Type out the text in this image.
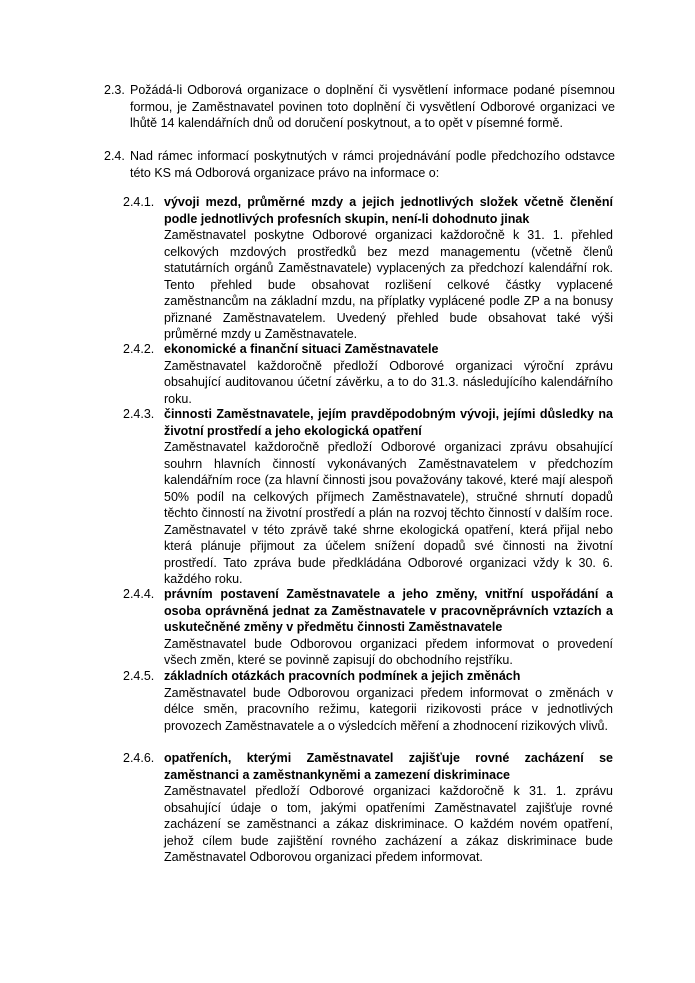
2.3. Požádá-li Odborová organizace o doplnění či vysvětlení informace podané písemnou formou, je Zaměstnavatel povinen toto doplnění či vysvětlení Odborové organizaci ve lhůtě 14 kalendářních dnů od doručení poskytnout, a to opět v písemné formě.
2.4. Nad rámec informací poskytnutých v rámci projednávání podle předchozího odstavce této KS má Odborová organizace právo na informace o:
2.4.1. vývoji mezd, průměrné mzdy a jejich jednotlivých složek včetně členění podle jednotlivých profesních skupin, není-li dohodnuto jinak
Zaměstnavatel poskytne Odborové organizaci každoročně k 31. 1. přehled celkových mzdových prostředků bez mezd managementu (včetně členů statutárních orgánů Zaměstnavatele) vyplacených za předchozí kalendářní rok. Tento přehled bude obsahovat rozlišení celkové částky vyplacené zaměstnancům na základní mzdu, na příplatky vyplácené podle ZP a na bonusy přiznané Zaměstnavatelem. Uvedený přehled bude obsahovat také výši průměrné mzdy u Zaměstnavatele.
2.4.2. ekonomické a finanční situaci Zaměstnavatele
Zaměstnavatel každoročně předloží Odborové organizaci výroční zprávu obsahující auditovanou účetní závěrku, a to do 31.3. následujícího kalendářního roku.
2.4.3. činnosti Zaměstnavatele, jejím pravděpodobným vývoji, jejími důsledky na životní prostředí a jeho ekologická opatření
Zaměstnavatel každoročně předloží Odborové organizaci zprávu obsahující souhrn hlavních činností vykonávaných Zaměstnavatelem v předchozím kalendářním roce (za hlavní činnosti jsou považovány takové, které mají alespoň 50% podíl na celkových příjmech Zaměstnavatele), stručné shrnutí dopadů těchto činností na životní prostředí a plán na rozvoj těchto činností v dalším roce. Zaměstnavatel v této zprávě také shrne ekologická opatření, která přijal nebo která plánuje přijmout za účelem snížení dopadů své činnosti na životní prostředí. Tato zpráva bude předkládána Odborové organizaci vždy k 30. 6. každého roku.
2.4.4. právním postavení Zaměstnavatele a jeho změny, vnitřní uspořádání a osoba oprávněná jednat za Zaměstnavatele v pracovněprávních vztazích a uskutečněné změny v předmětu činnosti Zaměstnavatele
Zaměstnavatel bude Odborovou organizaci předem informovat o provedení všech změn, které se povinně zapisují do obchodního rejstříku.
2.4.5. základních otázkách pracovních podmínek a jejich změnách
Zaměstnavatel bude Odborovou organizaci předem informovat o změnách v délce směn, pracovního režimu, kategorii rizikovosti práce v jednotlivých provozech Zaměstnavatele a o výsledcích měření a zhodnocení rizikových vlivů.
2.4.6. opatřeních, kterými Zaměstnavatel zajišťuje rovné zacházení se zaměstnanci a zaměstnankyněmi a zamezení diskriminace
Zaměstnavatel předloží Odborové organizaci každoročně k 31. 1. zprávu obsahující údaje o tom, jakými opatřeními Zaměstnavatel zajišťuje rovné zacházení se zaměstnanci a zákaz diskriminace. O každém novém opatření, jehož cílem bude zajištění rovného zacházení a zákaz diskriminace bude Zaměstnavatel Odborovou organizaci předem informovat.
